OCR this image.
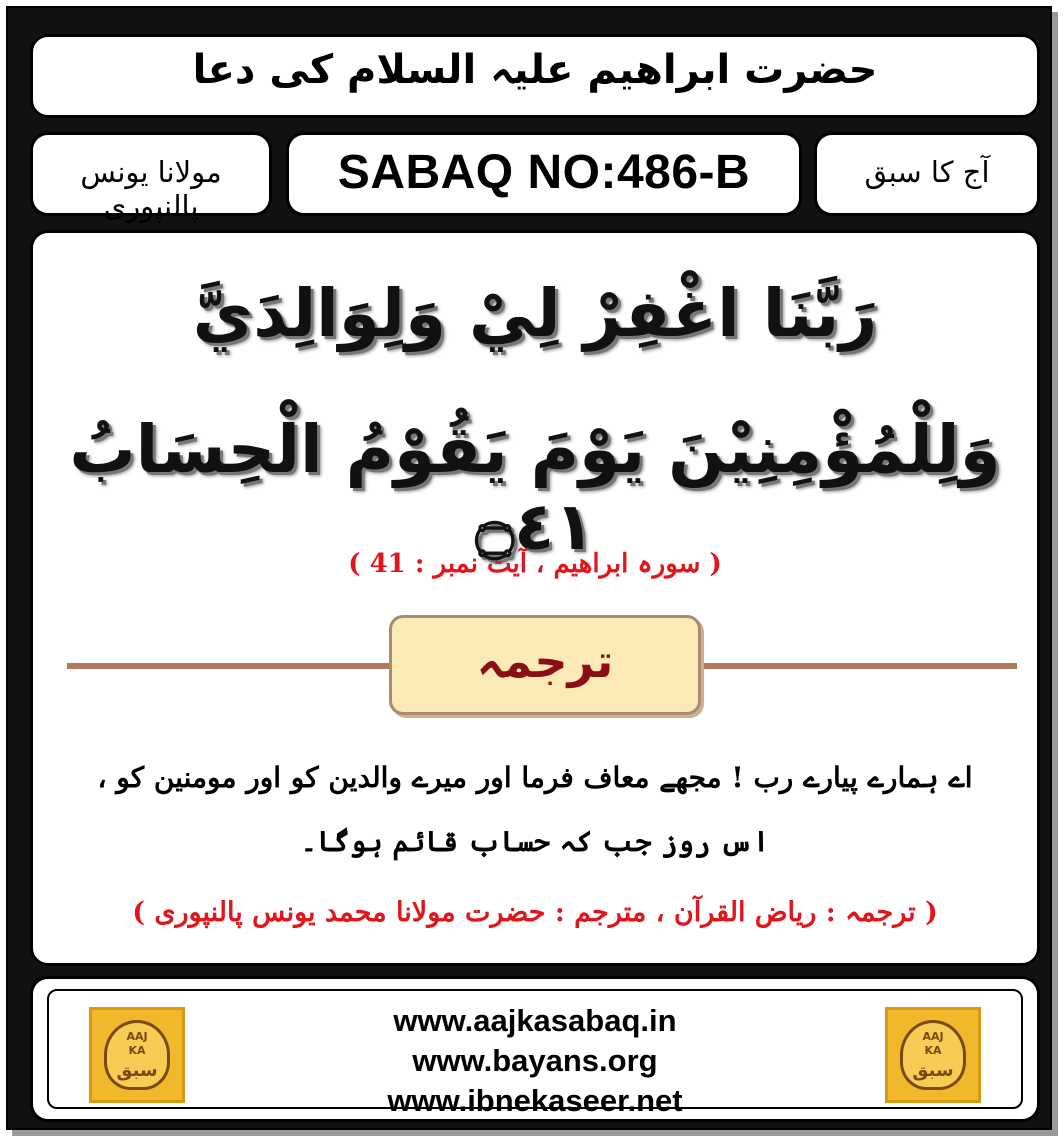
حضرت ابراھیم علیہ السلام کی دعا
مولانا یونس پالنپوری
SABAQ NO:486-B	آج کا سبق
رَبَّنَا اغْفِرْ لِيْ وَلِوَالِدَيَّ
وَلِلْمُؤْمِنِيْنَ يَوْمَ يَقُوْمُ الْحِسَابُ ۝٤١
( سورہ ابراھیم ، آیت نمبر : 41 )
ترجمہ
اے ہمارے پیارے رب ! مجھے معاف فرما اور میرے والدین کو اور مومنین کو ،
اس روز جب کہ حساب قائم ہوگا۔
( ترجمہ : ریاض القرآن ، مترجم : حضرت مولانا محمد یونس پالنپوری )
AAJ
KA
سبق
www.aajkasabaq.in
www.bayans.org
www.ibnekaseer.net
AAJ
KA
سبق
